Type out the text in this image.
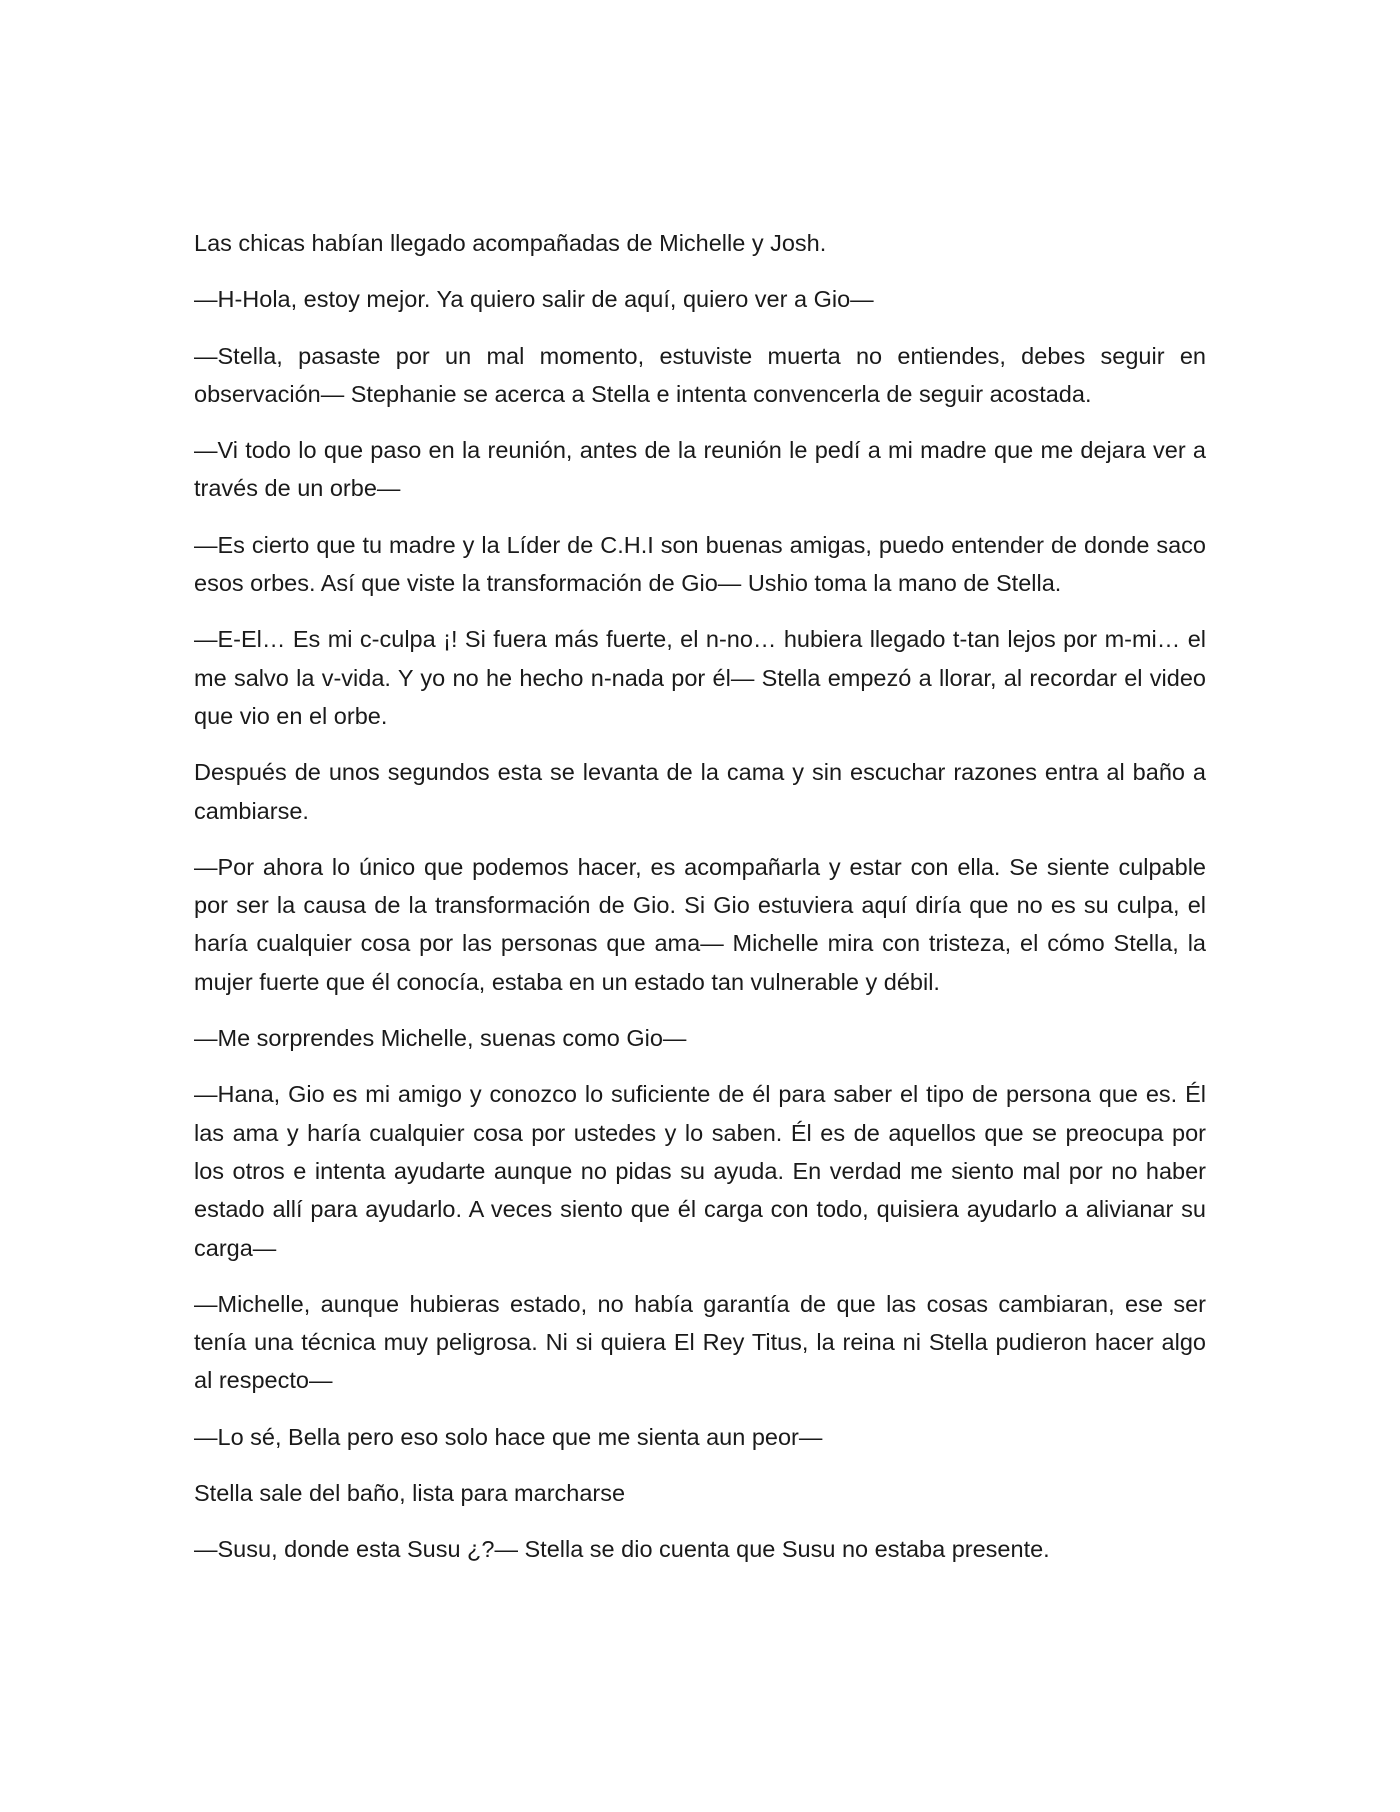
Las chicas habían llegado acompañadas de Michelle y Josh.

—H-Hola, estoy mejor. Ya quiero salir de aquí, quiero ver a Gio—

—Stella, pasaste por un mal momento, estuviste muerta no entiendes, debes seguir en observación— Stephanie se acerca a Stella e intenta convencerla de seguir acostada.

—Vi todo lo que paso en la reunión, antes de la reunión le pedí a mi madre que me dejara ver a través de un orbe—

—Es cierto que tu madre y la Líder de C.H.I son buenas amigas, puedo entender de donde saco esos orbes. Así que viste la transformación de Gio— Ushio toma la mano de Stella.

—E-El… Es mi c-culpa ¡! Si fuera más fuerte, el n-no… hubiera llegado t-tan lejos por m-mi… el me salvo la v-vida. Y yo no he hecho n-nada por él— Stella empezó a llorar, al recordar el video que vio en el orbe.

Después de unos segundos esta se levanta de la cama y sin escuchar razones entra al baño a cambiarse.

—Por ahora lo único que podemos hacer, es acompañarla y estar con ella. Se siente culpable por ser la causa de la transformación de Gio. Si Gio estuviera aquí diría que no es su culpa, el haría cualquier cosa por las personas que ama— Michelle mira con tristeza, el cómo Stella, la mujer fuerte que él conocía, estaba en un estado tan vulnerable y débil.

—Me sorprendes Michelle, suenas como Gio—

—Hana, Gio es mi amigo y conozco lo suficiente de él para saber el tipo de persona que es. Él las ama y haría cualquier cosa por ustedes y lo saben. Él es de aquellos que se preocupa por los otros e intenta ayudarte aunque no pidas su ayuda. En verdad me siento mal por no haber estado allí para ayudarlo. A veces siento que él carga con todo, quisiera ayudarlo a alivianar su carga—

—Michelle, aunque hubieras estado, no había garantía de que las cosas cambiaran, ese ser tenía una técnica muy peligrosa. Ni si quiera El Rey Titus, la reina ni Stella pudieron hacer algo al respecto—

—Lo sé, Bella pero eso solo hace que me sienta aun peor—

Stella sale del baño, lista para marcharse

—Susu, donde esta Susu ¿?— Stella se dio cuenta que Susu no estaba presente.
